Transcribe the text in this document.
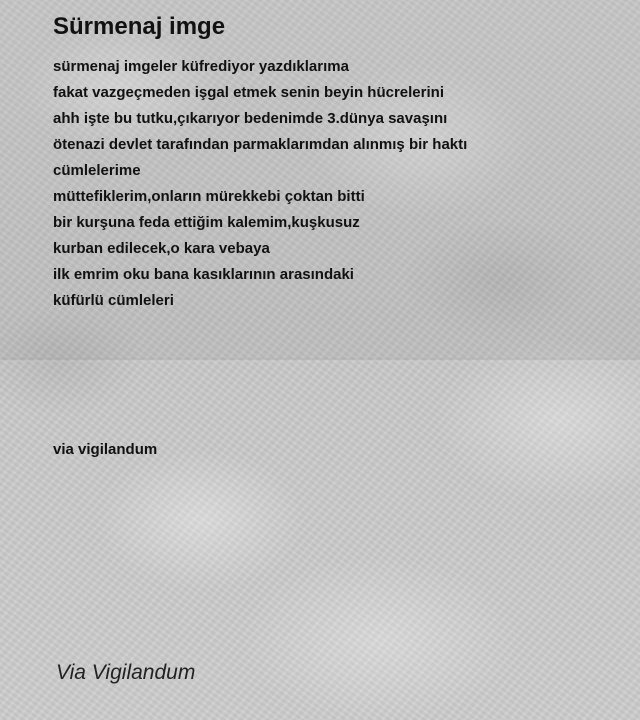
Sürmenaj imge
sürmenaj imgeler küfrediyor yazdıklarıma
fakat vazgeçmeden işgal etmek senin beyin hücrelerini
ahh işte bu tutku,çıkarıyor bedenimde 3.dünya savaşını
ötenazi devlet tarafından parmaklarımdan alınmış bir haktı
cümlelerime
müttefiklerim,onların mürekkebi çoktan bitti
bir kurşuna feda ettiğim kalemim,kuşkusuz
kurban edilecek,o kara vebaya
ilk emrim oku bana kasıklarının arasındaki
küfürlü cümleleri
via vigilandum
Via Vigilandum
